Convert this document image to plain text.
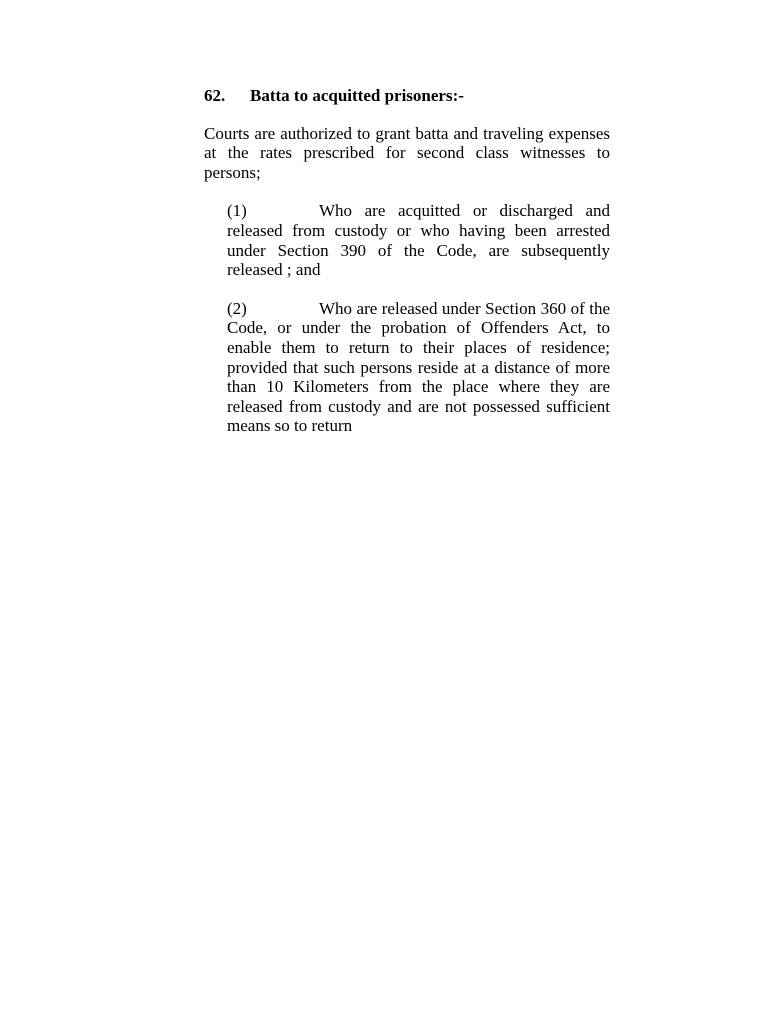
62. Batta to acquitted prisoners:-

Courts are authorized to grant batta and traveling expenses at the rates prescribed for second class witnesses to persons;

(1)	Who are acquitted or discharged and released from custody or who having been arrested under Section 390 of the Code, are subsequently released ; and

(2)	Who are released under Section 360 of the Code, or under the probation of Offenders Act, to enable them to return to their places of residence; provided that such persons reside at a distance of more than 10 Kilometers from the place where they are released from custody and are not possessed sufficient means so to return
